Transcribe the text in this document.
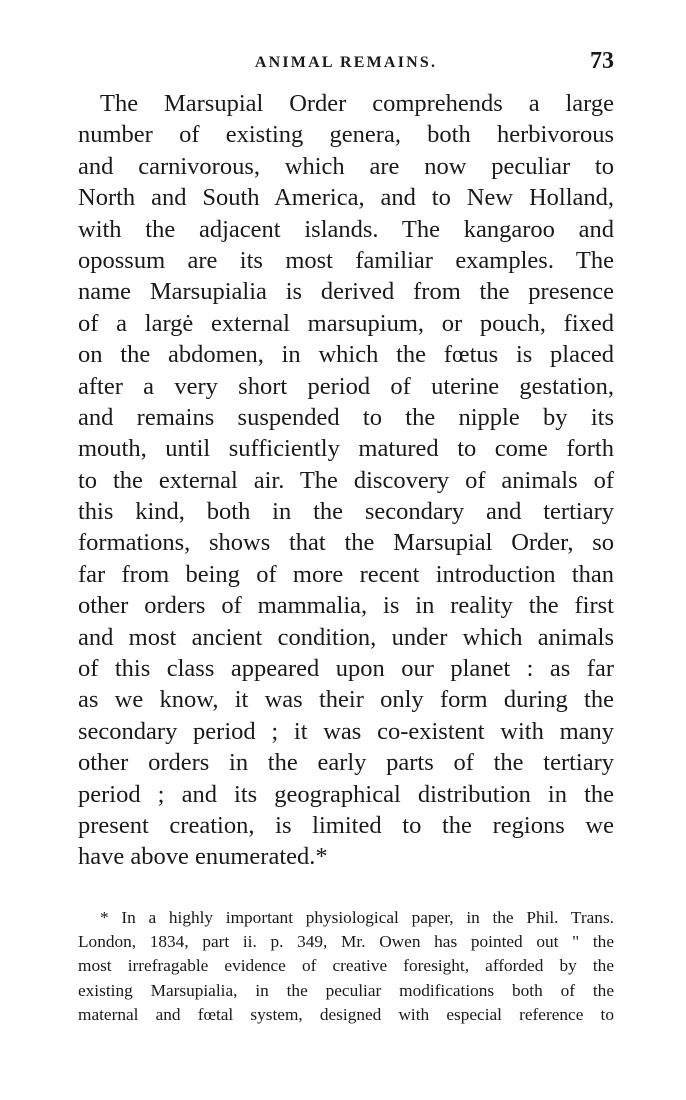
ANIMAL REMAINS.	73
The Marsupial Order comprehends a large
number of existing genera, both herbivorous
and carnivorous, which are now peculiar to
North and South America, and to New Holland,
with the adjacent islands. The kangaroo and
opossum are its most familiar examples. The
name Marsupialia is derived from the presence
of a largė external marsupium, or pouch, fixed
on the abdomen, in which the fœtus is placed
after a very short period of uterine gestation,
and remains suspended to the nipple by its
mouth, until sufficiently matured to come forth
to the external air. The discovery of animals of
this kind, both in the secondary and tertiary
formations, shows that the Marsupial Order, so
far from being of more recent introduction than
other orders of mammalia, is in reality the first
and most ancient condition, under which animals
of this class appeared upon our planet : as far
as we know, it was their only form during the
secondary period ; it was co-existent with many
other orders in the early parts of the tertiary
period ; and its geographical distribution in the
present creation, is limited to the regions we
have above enumerated.*
* In a highly important physiological paper, in the Phil. Trans.
London, 1834, part ii. p. 349, Mr. Owen has pointed out " the
most irrefragable evidence of creative foresight, afforded by the
existing Marsupialia, in the peculiar modifications both of the
maternal and fœtal system, designed with especial reference to
